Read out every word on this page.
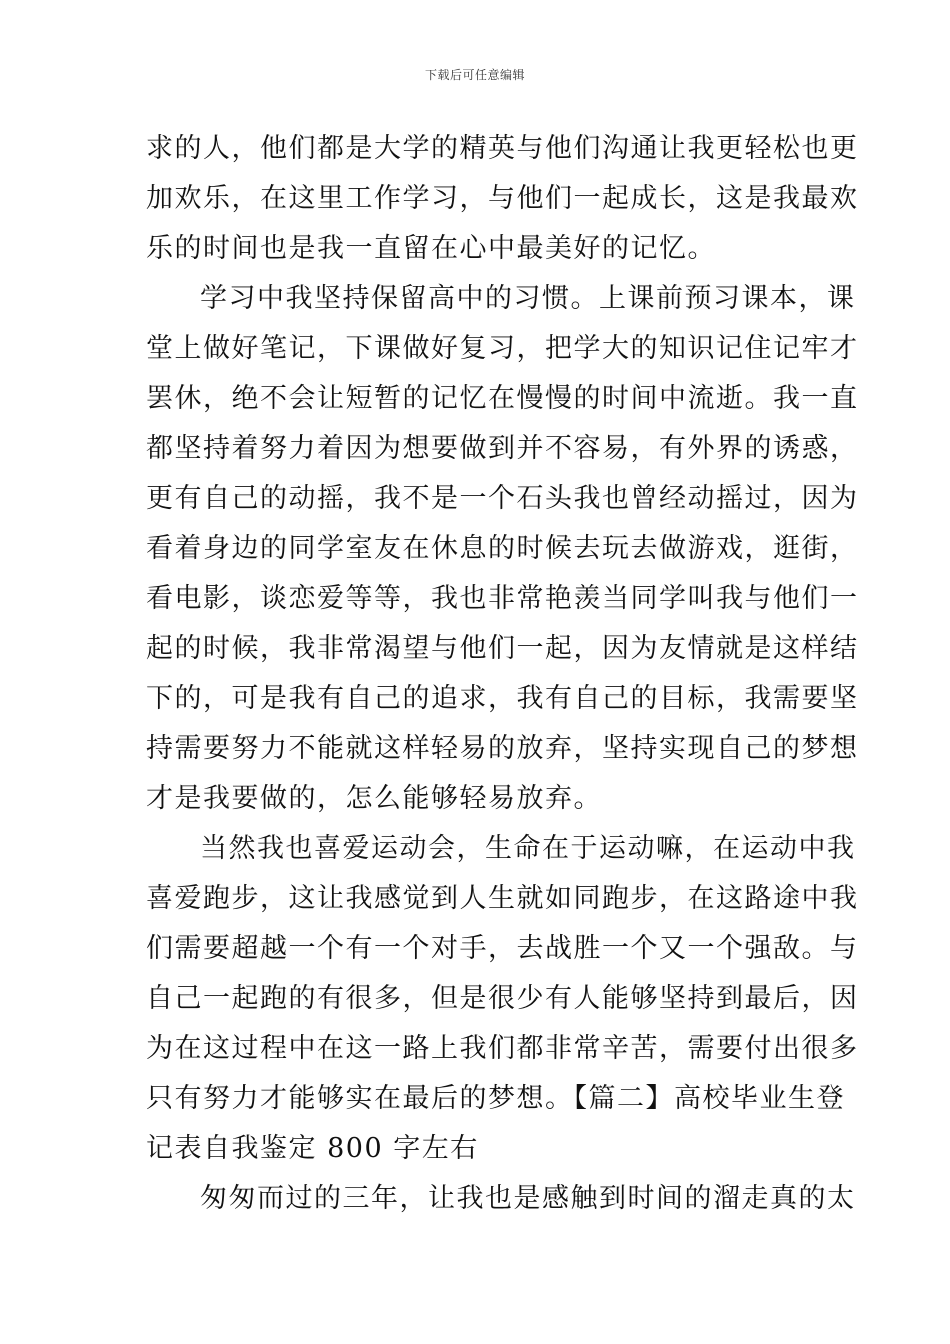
下载后可任意编辑
求的人，他们都是大学的精英与他们沟通让我更轻松也更
加欢乐，在这里工作学习，与他们一起成长，这是我最欢
乐的时间也是我一直留在心中最美好的记忆。
学习中我坚持保留高中的习惯。上课前预习课本，课
堂上做好笔记，下课做好复习，把学大的知识记住记牢才
罢休，绝不会让短暂的记忆在慢慢的时间中流逝。我一直
都坚持着努力着因为想要做到并不容易，有外界的诱惑，
更有自己的动摇，我不是一个石头我也曾经动摇过，因为
看着身边的同学室友在休息的时候去玩去做游戏，逛街，
看电影，谈恋爱等等，我也非常艳羡当同学叫我与他们一
起的时候，我非常渴望与他们一起，因为友情就是这样结
下的，可是我有自己的追求，我有自己的目标，我需要坚
持需要努力不能就这样轻易的放弃，坚持实现自己的梦想
才是我要做的，怎么能够轻易放弃。
当然我也喜爱运动会，生命在于运动嘛，在运动中我
喜爱跑步，这让我感觉到人生就如同跑步，在这路途中我
们需要超越一个有一个对手，去战胜一个又一个强敌。与
自己一起跑的有很多，但是很少有人能够坚持到最后，因
为在这过程中在这一路上我们都非常辛苦，需要付出很多
只有努力才能够实在最后的梦想。【篇二】高校毕业生登
记表自我鉴定 800 字左右
匆匆而过的三年，让我也是感触到时间的溜走真的太
